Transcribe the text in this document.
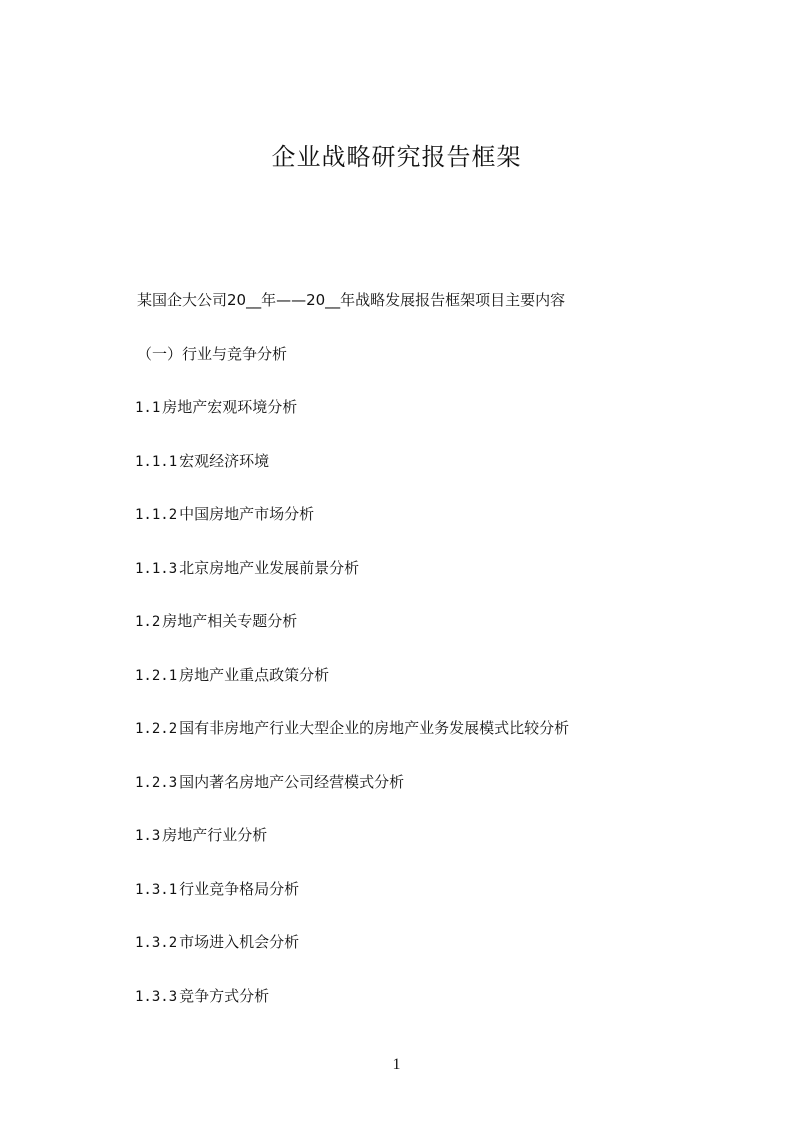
企业战略研究报告框架
某国企大公司20__年——20__年战略发展报告框架项目主要内容
（一）行业与竞争分析
1.1 房地产宏观环境分析
1.1.1 宏观经济环境
1.1.2 中国房地产市场分析
1.1.3 北京房地产业发展前景分析
1.2 房地产相关专题分析
1.2.1 房地产业重点政策分析
1.2.2 国有非房地产行业大型企业的房地产业务发展模式比较分析
1.2.3 国内著名房地产公司经营模式分析
1.3 房地产行业分析
1.3.1 行业竞争格局分析
1.3.2 市场进入机会分析
1.3.3 竞争方式分析
1
